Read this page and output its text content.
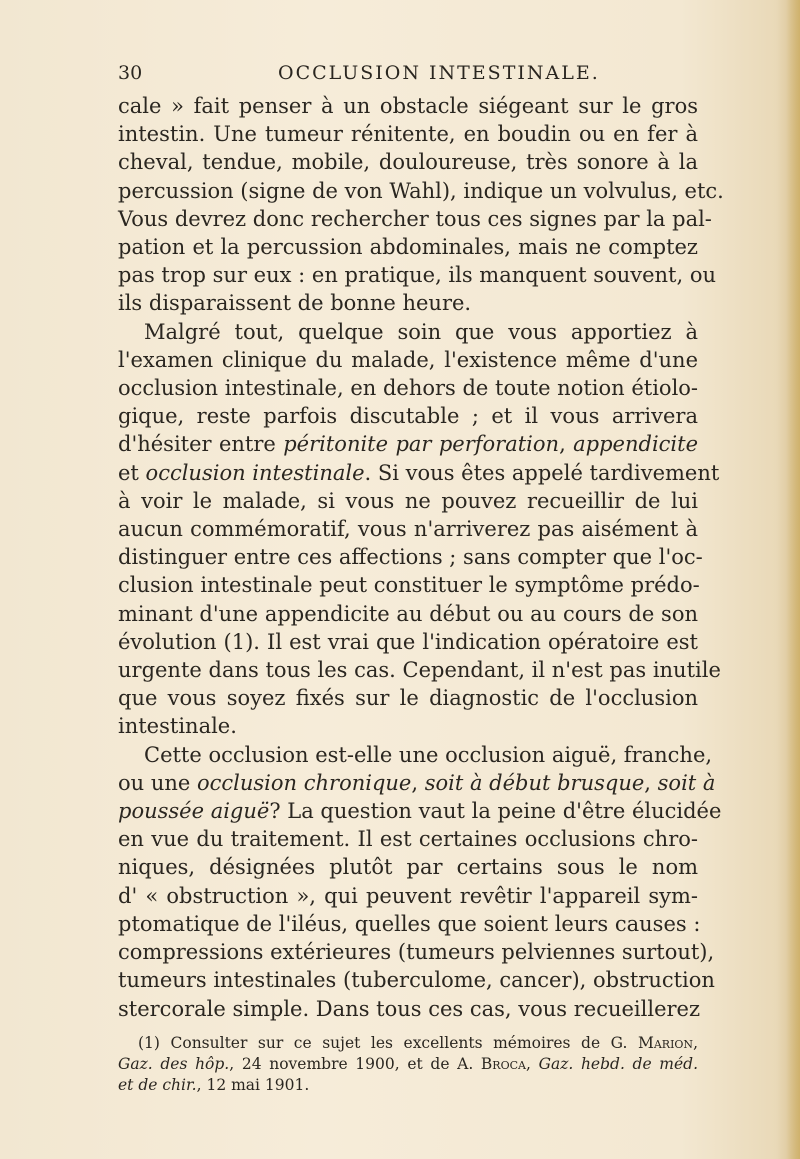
30	OCCLUSION INTESTINALE.
cale » fait penser à un obstacle siégeant sur le gros
intestin. Une tumeur rénitente, en boudin ou en fer à
cheval, tendue, mobile, douloureuse, très sonore à la
percussion (signe de von Wahl), indique un volvulus, etc.
Vous devrez donc rechercher tous ces signes par la pal-
pation et la percussion abdominales, mais ne comptez
pas trop sur eux : en pratique, ils manquent souvent, ou
ils disparaissent de bonne heure.
Malgré tout, quelque soin que vous apportiez à
l'examen clinique du malade, l'existence même d'une
occlusion intestinale, en dehors de toute notion étiolo-
gique, reste parfois discutable ; et il vous arrivera
d'hésiter entre péritonite par perforation, appendicite
et occlusion intestinale. Si vous êtes appelé tardivement
à voir le malade, si vous ne pouvez recueillir de lui
aucun commémoratif, vous n'arriverez pas aisément à
distinguer entre ces affections ; sans compter que l'oc-
clusion intestinale peut constituer le symptôme prédo-
minant d'une appendicite au début ou au cours de son
évolution (1). Il est vrai que l'indication opératoire est
urgente dans tous les cas. Cependant, il n'est pas inutile
que vous soyez fixés sur le diagnostic de l'occlusion
intestinale.
Cette occlusion est-elle une occlusion aiguë, franche,
ou une occlusion chronique, soit à début brusque, soit à
poussée aiguë? La question vaut la peine d'être élucidée
en vue du traitement. Il est certaines occlusions chro-
niques, désignées plutôt par certains sous le nom
d' « obstruction », qui peuvent revêtir l'appareil sym-
ptomatique de l'iléus, quelles que soient leurs causes :
compressions extérieures (tumeurs pelviennes surtout),
tumeurs intestinales (tuberculome, cancer), obstruction
stercorale simple. Dans tous ces cas, vous recueillerez
(1) Consulter sur ce sujet les excellents mémoires de G. Marion,
Gaz. des hôp., 24 novembre 1900, et de A. Broca, Gaz. hebd. de méd.
et de chir., 12 mai 1901.
